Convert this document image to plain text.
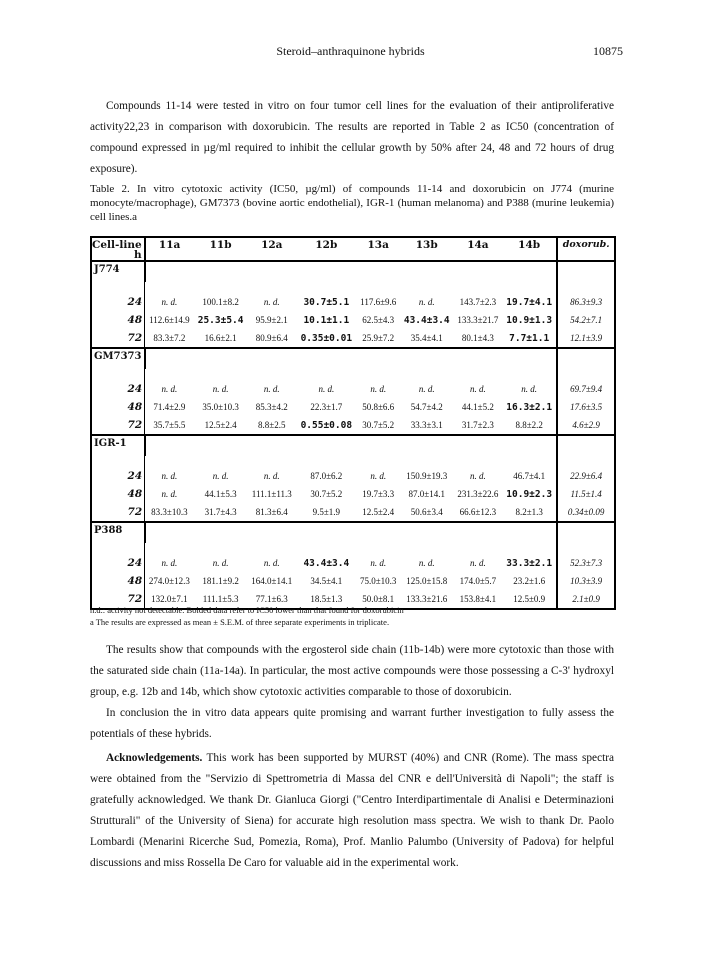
Steroid–anthraquinone hybrids	10875
Compounds 11-14 were tested in vitro on four tumor cell lines for the evaluation of their antiproliferative activity22,23 in comparison with doxorubicin. The results are reported in Table 2 as IC50 (concentration of compound expressed in µg/ml required to inhibit the cellular growth by 50% after 24, 48 and 72 hours of drug exposure).
Table 2. In vitro cytotoxic activity (IC50, µg/ml) of compounds 11-14 and doxorubicin on J774 (murine monocyte/macrophage), GM7373 (bovine aortic endothelial), IGR-1 (human melanoma) and P388 (murine leukemia) cell lines.a
Cell-line
h	11a	11b	12a	12b	13a	13b	14a	14b	doxorub.
J774									

24	n. d.	100.1±8.2	n. d.	30.7±5.1	117.6±9.6	n. d.	143.7±2.3	19.7±4.1	86.3±9.3
48	112.6±14.9	25.3±5.4	95.9±2.1	10.1±1.1	62.5±4.3	43.4±3.4	133.3±21.7	10.9±1.3	54.2±7.1
72	83.3±7.2	16.6±2.1	80.9±6.4	0.35±0.01	25.9±7.2	35.4±4.1	80.1±4.3	7.7±1.1	12.1±3.9
GM7373									

24	n. d.	n. d.	n. d.	n. d.	n. d.	n. d.	n. d.	n. d.	69.7±9.4
48	71.4±2.9	35.0±10.3	85.3±4.2	22.3±1.7	50.8±6.6	54.7±4.2	44.1±5.2	16.3±2.1	17.6±3.5
72	35.7±5.5	12.5±2.4	8.8±2.5	0.55±0.08	30.7±5.2	33.3±3.1	31.7±2.3	8.8±2.2	4.6±2.9
IGR-1									

24	n. d.	n. d.	n. d.	87.0±6.2	n. d.	150.9±19.3	n. d.	46.7±4.1	22.9±6.4
48	n. d.	44.1±5.3	111.1±11.3	30.7±5.2	19.7±3.3	87.0±14.1	231.3±22.6	10.9±2.3	11.5±1.4
72	83.3±10.3	31.7±4.3	81.3±6.4	9.5±1.9	12.5±2.4	50.6±3.4	66.6±12.3	8.2±1.3	0.34±0.09
P388									

24	n. d.	n. d.	n. d.	43.4±3.4	n. d.	n. d.	n. d.	33.3±2.1	52.3±7.3
48	274.0±12.3	181.1±9.2	164.0±14.1	34.5±4.1	75.0±10.3	125.0±15.8	174.0±5.7	23.2±1.6	10.3±3.9
72	132.0±7.1	111.1±5.3	77.1±6.3	18.5±1.3	50.0±8.1	133.3±21.6	153.8±4.1	12.5±0.9	2.1±0.9
n.d.: activity not detectable. Bolded data refer to IC50 lower than that found for doxorubicin
a The results are expressed as mean ± S.E.M. of three separate experiments in triplicate.
The results show that compounds with the ergosterol side chain (11b-14b) were more cytotoxic than those with the saturated side chain (11a-14a). In particular, the most active compounds were those possessing a C-3' hydroxyl group, e.g. 12b and 14b, which show cytotoxic activities comparable to those of doxorubicin.
In conclusion the in vitro data appears quite promising and warrant further investigation to fully assess the potentials of these hybrids.
Acknowledgements. This work has been supported by MURST (40%) and CNR (Rome). The mass spectra were obtained from the "Servizio di Spettrometria di Massa del CNR e dell'Università di Napoli"; the staff is gratefully acknowledged. We thank Dr. Gianluca Giorgi ("Centro Interdipartimentale di Analisi e Determinazioni Strutturali" of the University of Siena) for accurate high resolution mass spectra. We wish to thank Dr. Paolo Lombardi (Menarini Ricerche Sud, Pomezia, Roma), Prof. Manlio Palumbo (University of Padova) for helpful discussions and miss Rossella De Caro for valuable aid in the experimental work.
